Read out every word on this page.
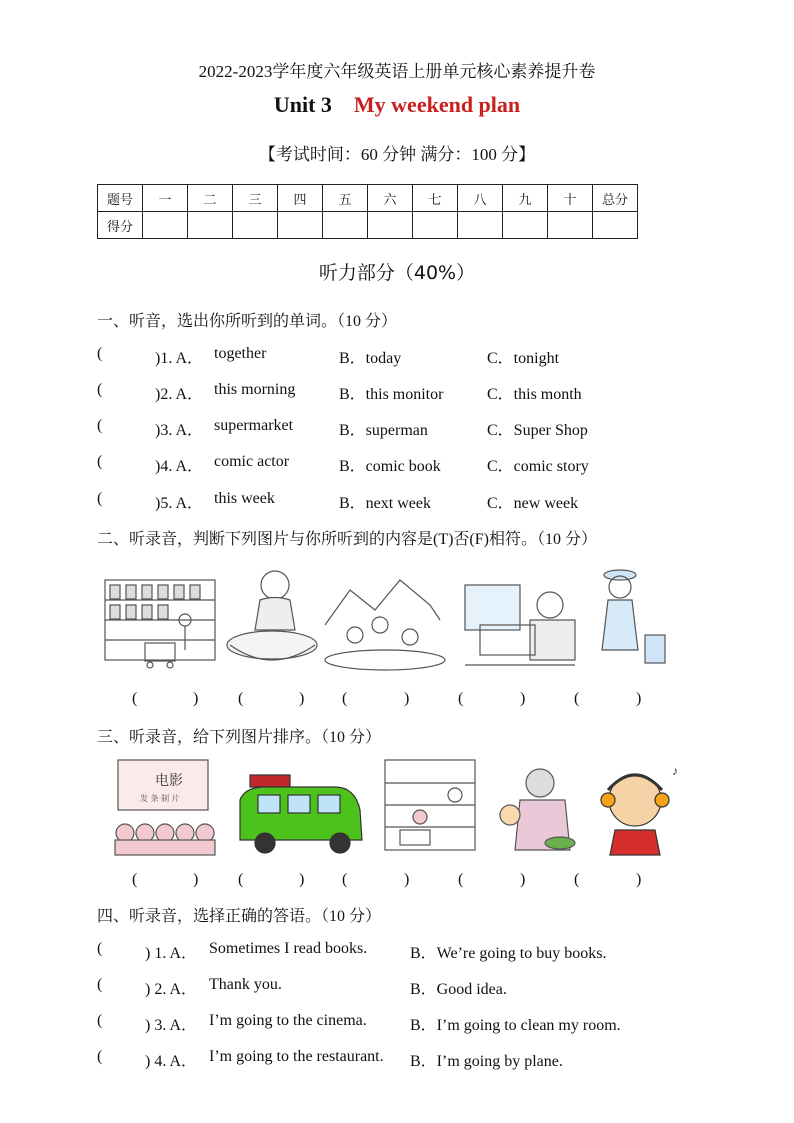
2022-2023学年度六年级英语上册单元核心素养提升卷
Unit 3 My weekend plan
【考试时间：60 分钟 满分：100 分】
题号	一	二	三	四	五	六	七	八	九	十	总分
得分											
听力部分（40%）
一、听音，选出你所听到的单词。（10 分）
(	)1. A． together	B．today	C．tonight
(	)2. A． this morning	B．this monitor	C．this month
(	)3. A． supermarket	B．superman	C．Super Shop
(	)4. A． comic actor	B．comic book	C．comic story
(	)5. A． this week	B．next week	C．new week
二、听录音，判断下列图片与你所听到的内容是(T)否(F)相符。（10 分）
(	) (	) (	)	(	)	(	)
三、听录音，给下列图片排序。（10 分）
电影
发 条 制 片
♪
(	) (	) (	)	(	)	(	)
四、听录音，选择正确的答语。（10 分）
(	) 1. A． Sometimes I read books.	B．We’re going to buy books.
(	) 2. A． Thank you.	B．Good idea.
(	) 3. A． I’m going to the cinema.	B．I’m going to clean my room.
(	) 4. A． I’m going to the restaurant. B．I’m going by plane.
